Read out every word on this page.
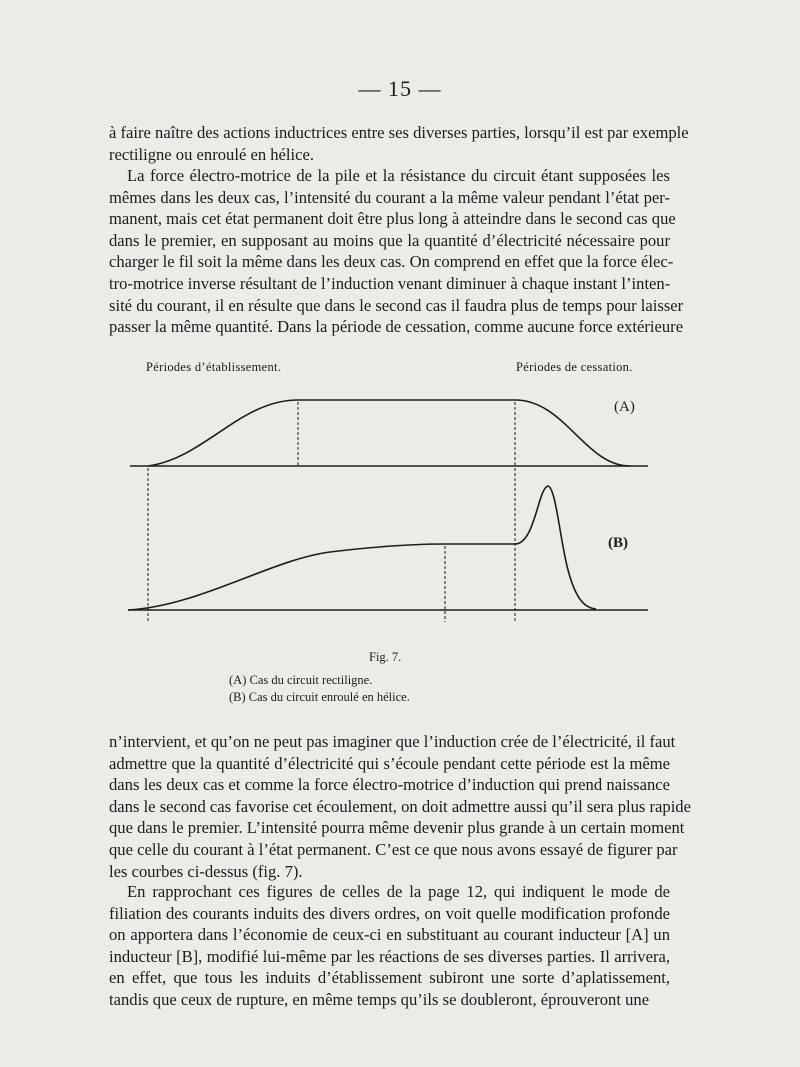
— 15 —
à faire naître des actions inductrices entre ses diverses parties, lorsqu’il est par exemple
rectiligne ou enroulé en hélice.
La force électro-motrice de la pile et la résistance du circuit étant supposées les
mêmes dans les deux cas, l’intensité du courant a la même valeur pendant l’état per-
manent, mais cet état permanent doit être plus long à atteindre dans le second cas que
dans le premier, en supposant au moins que la quantité d’électricité nécessaire pour
charger le fil soit la même dans les deux cas. On comprend en effet que la force élec-
tro-motrice inverse résultant de l’induction venant diminuer à chaque instant l’inten-
sité du courant, il en résulte que dans le second cas il faudra plus de temps pour laisser
passer la même quantité. Dans la période de cessation, comme aucune force extérieure
Périodes d’établissement.	Périodes de cessation.
(A)
(B)
Fig. 7.
(A) Cas du circuit rectiligne.
(B) Cas du circuit enroulé en hélice.
n’intervient, et qu’on ne peut pas imaginer que l’induction crée de l’électricité, il faut
admettre que la quantité d’électricité qui s’écoule pendant cette période est la même
dans les deux cas et comme la force électro-motrice d’induction qui prend naissance
dans le second cas favorise cet écoulement, on doit admettre aussi qu’il sera plus rapide
que dans le premier. L’intensité pourra même devenir plus grande à un certain moment
que celle du courant à l’état permanent. C’est ce que nous avons essayé de figurer par
les courbes ci-dessus (fig. 7).
En rapprochant ces figures de celles de la page 12, qui indiquent le mode de
filiation des courants induits des divers ordres, on voit quelle modification profonde
on apportera dans l’économie de ceux-ci en substituant au courant inducteur [A] un
inducteur [B], modifié lui-même par les réactions de ses diverses parties. Il arrivera,
en effet, que tous les induits d’établissement subiront une sorte d’aplatissement,
tandis que ceux de rupture, en même temps qu’ils se doubleront, éprouveront une
